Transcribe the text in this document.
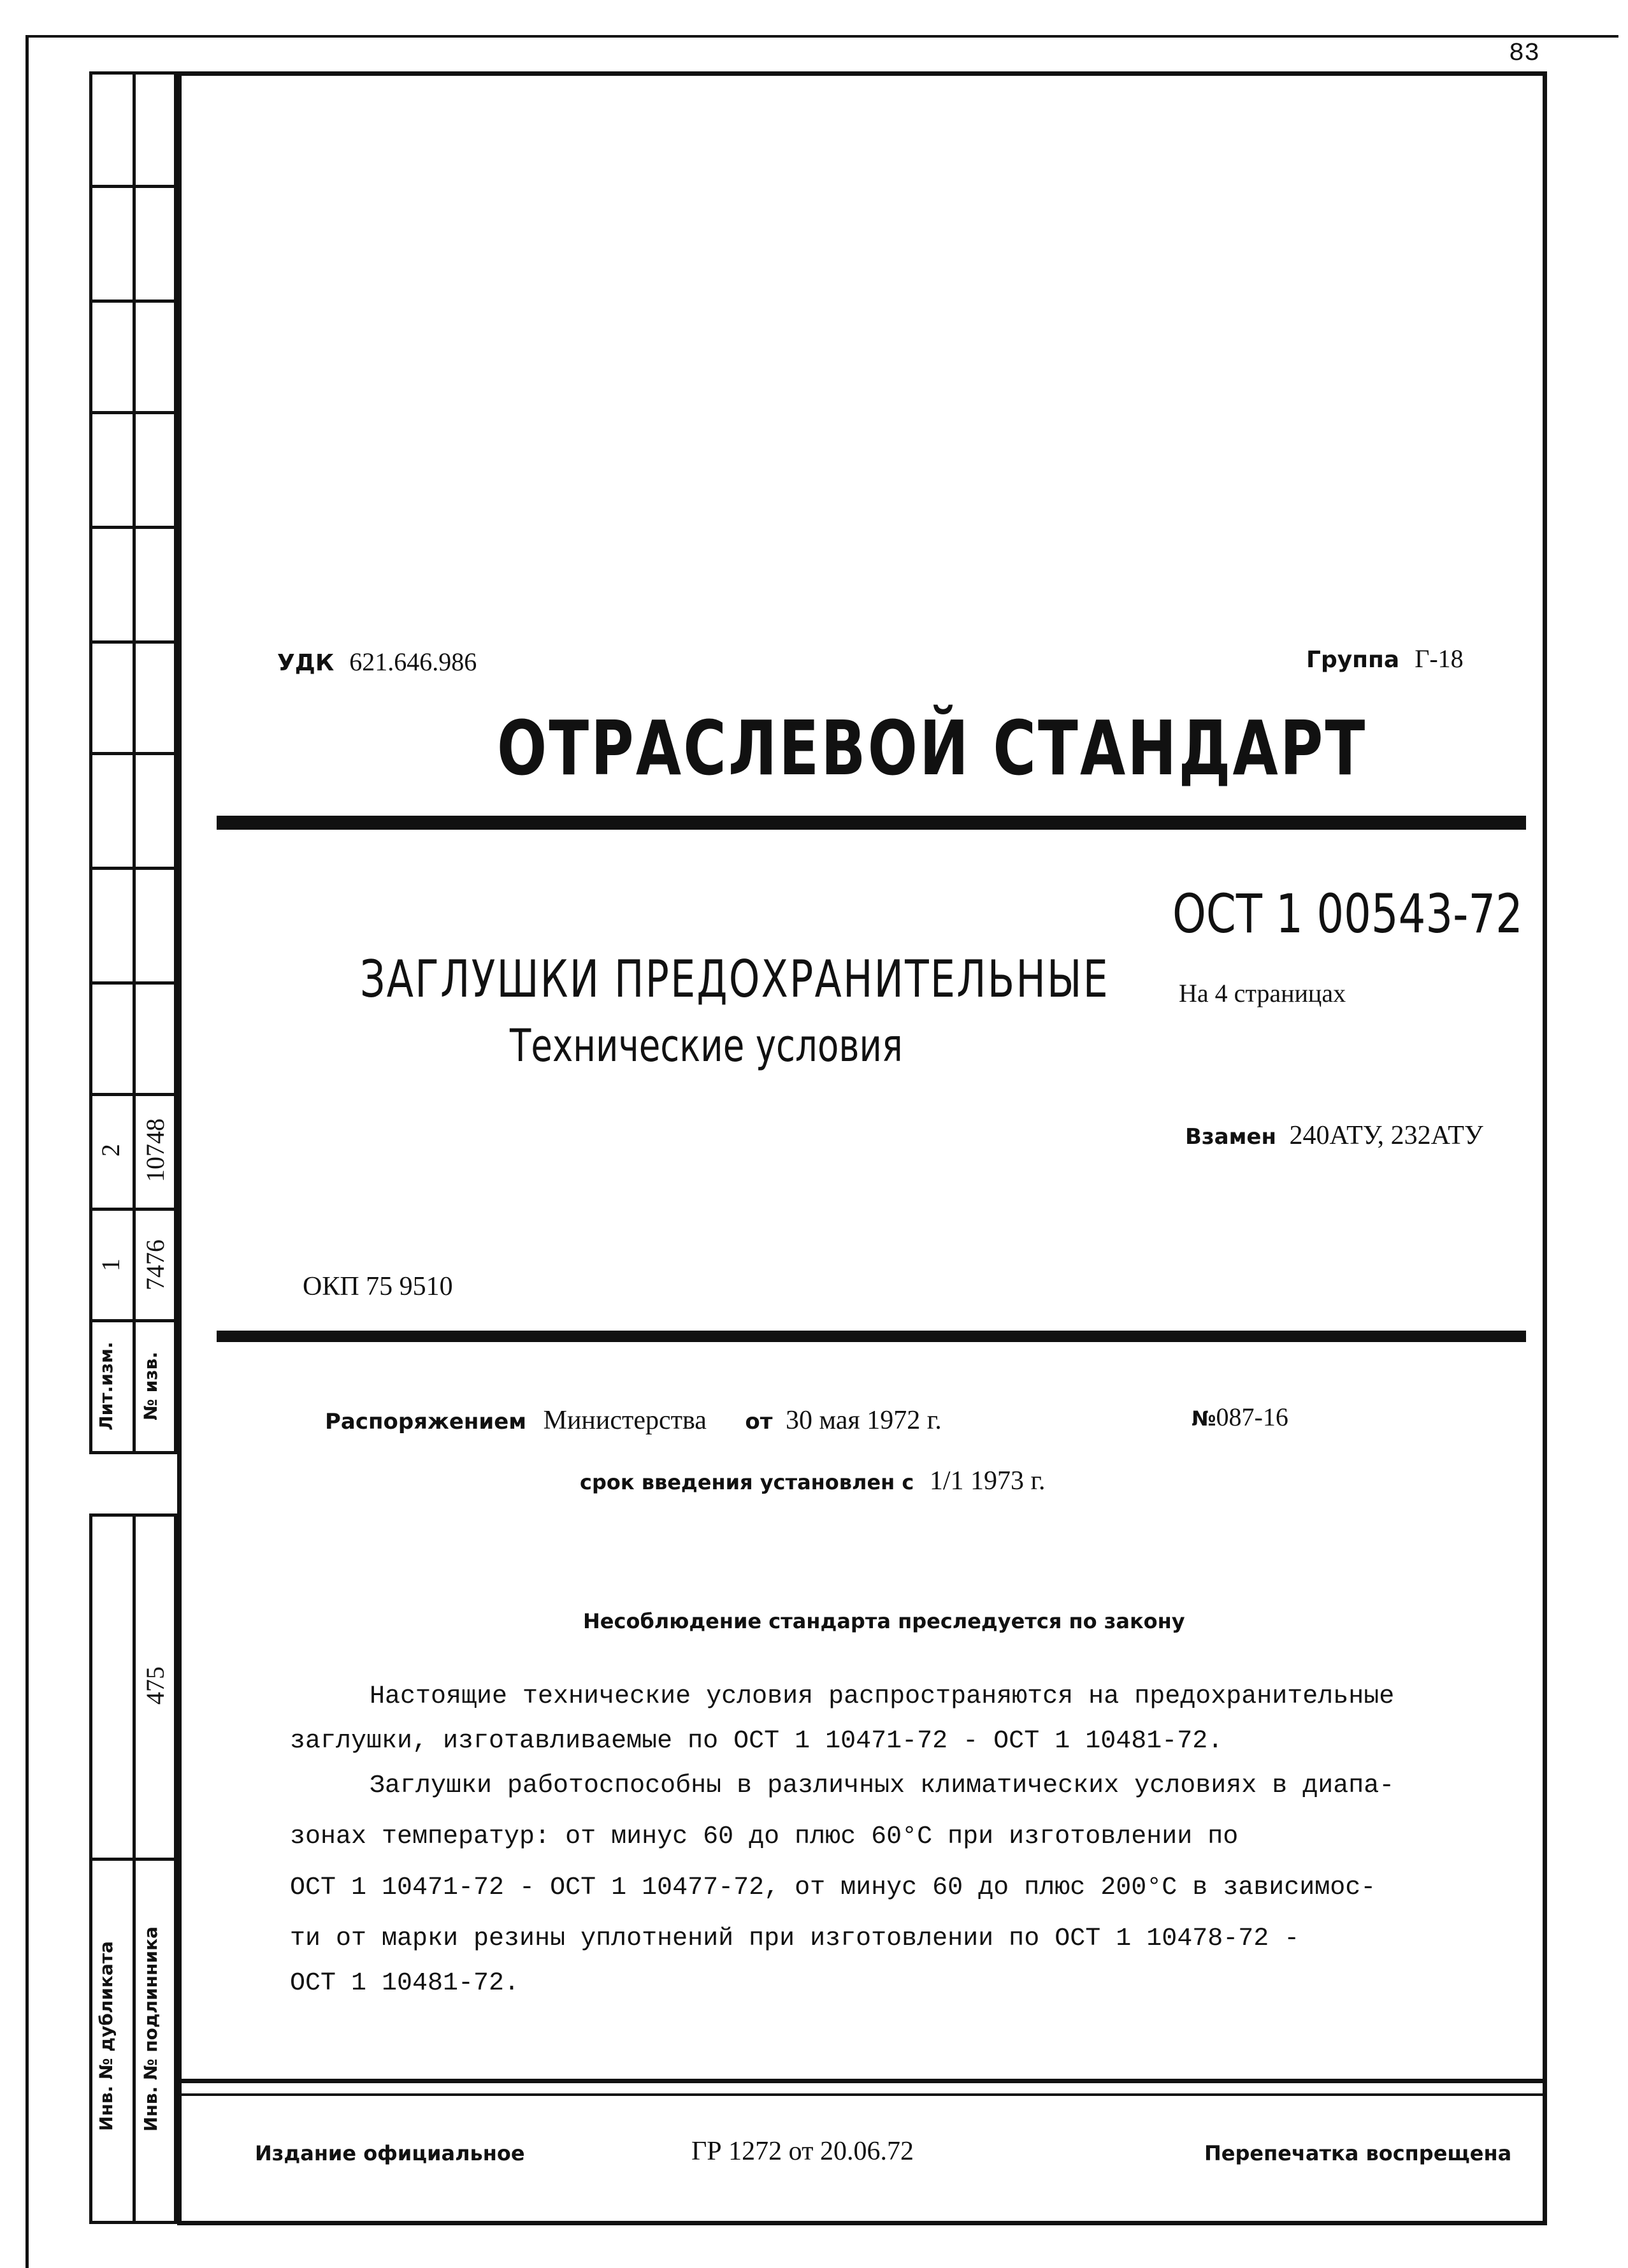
83
2 10748
1 7476
Лит.изм.	№ изв.
475
Инв. № дубликата	Инв. № подлинника
УДК 621.646.986	Группа Г-18
ОТРАСЛЕВОЙ СТАНДАРТ
ОСТ 1 00543-72
ЗАГЛУШКИ ПРЕДОХРАНИТЕЛЬНЫЕ
Технические условия
На 4 страницах
Взамен 240АТУ, 232АТУ
ОКП 75 9510
Распоряжением Министерства от 30 мая 1972 г.	№087-16
срок введения установлен с 1/1 1973 г.
Несоблюдение стандарта преследуется по закону
Настоящие технические условия распространяются на предохранительные
заглушки, изготавливаемые по ОСТ 1 10471-72 - ОСТ 1 10481-72.
Заглушки работоспособны в различных климатических условиях в диапа-
зонах температур: от минус 60 до плюс 60°С при изготовлении по
ОСТ 1 10471-72 - ОСТ 1 10477-72, от минус 60 до плюс 200°С в зависимос-
ти от марки резины уплотнений при изготовлении по ОСТ 1 10478-72 -
ОСТ 1 10481-72.
Издание официальное	ГР 1272 от 20.06.72	Перепечатка воспрещена
